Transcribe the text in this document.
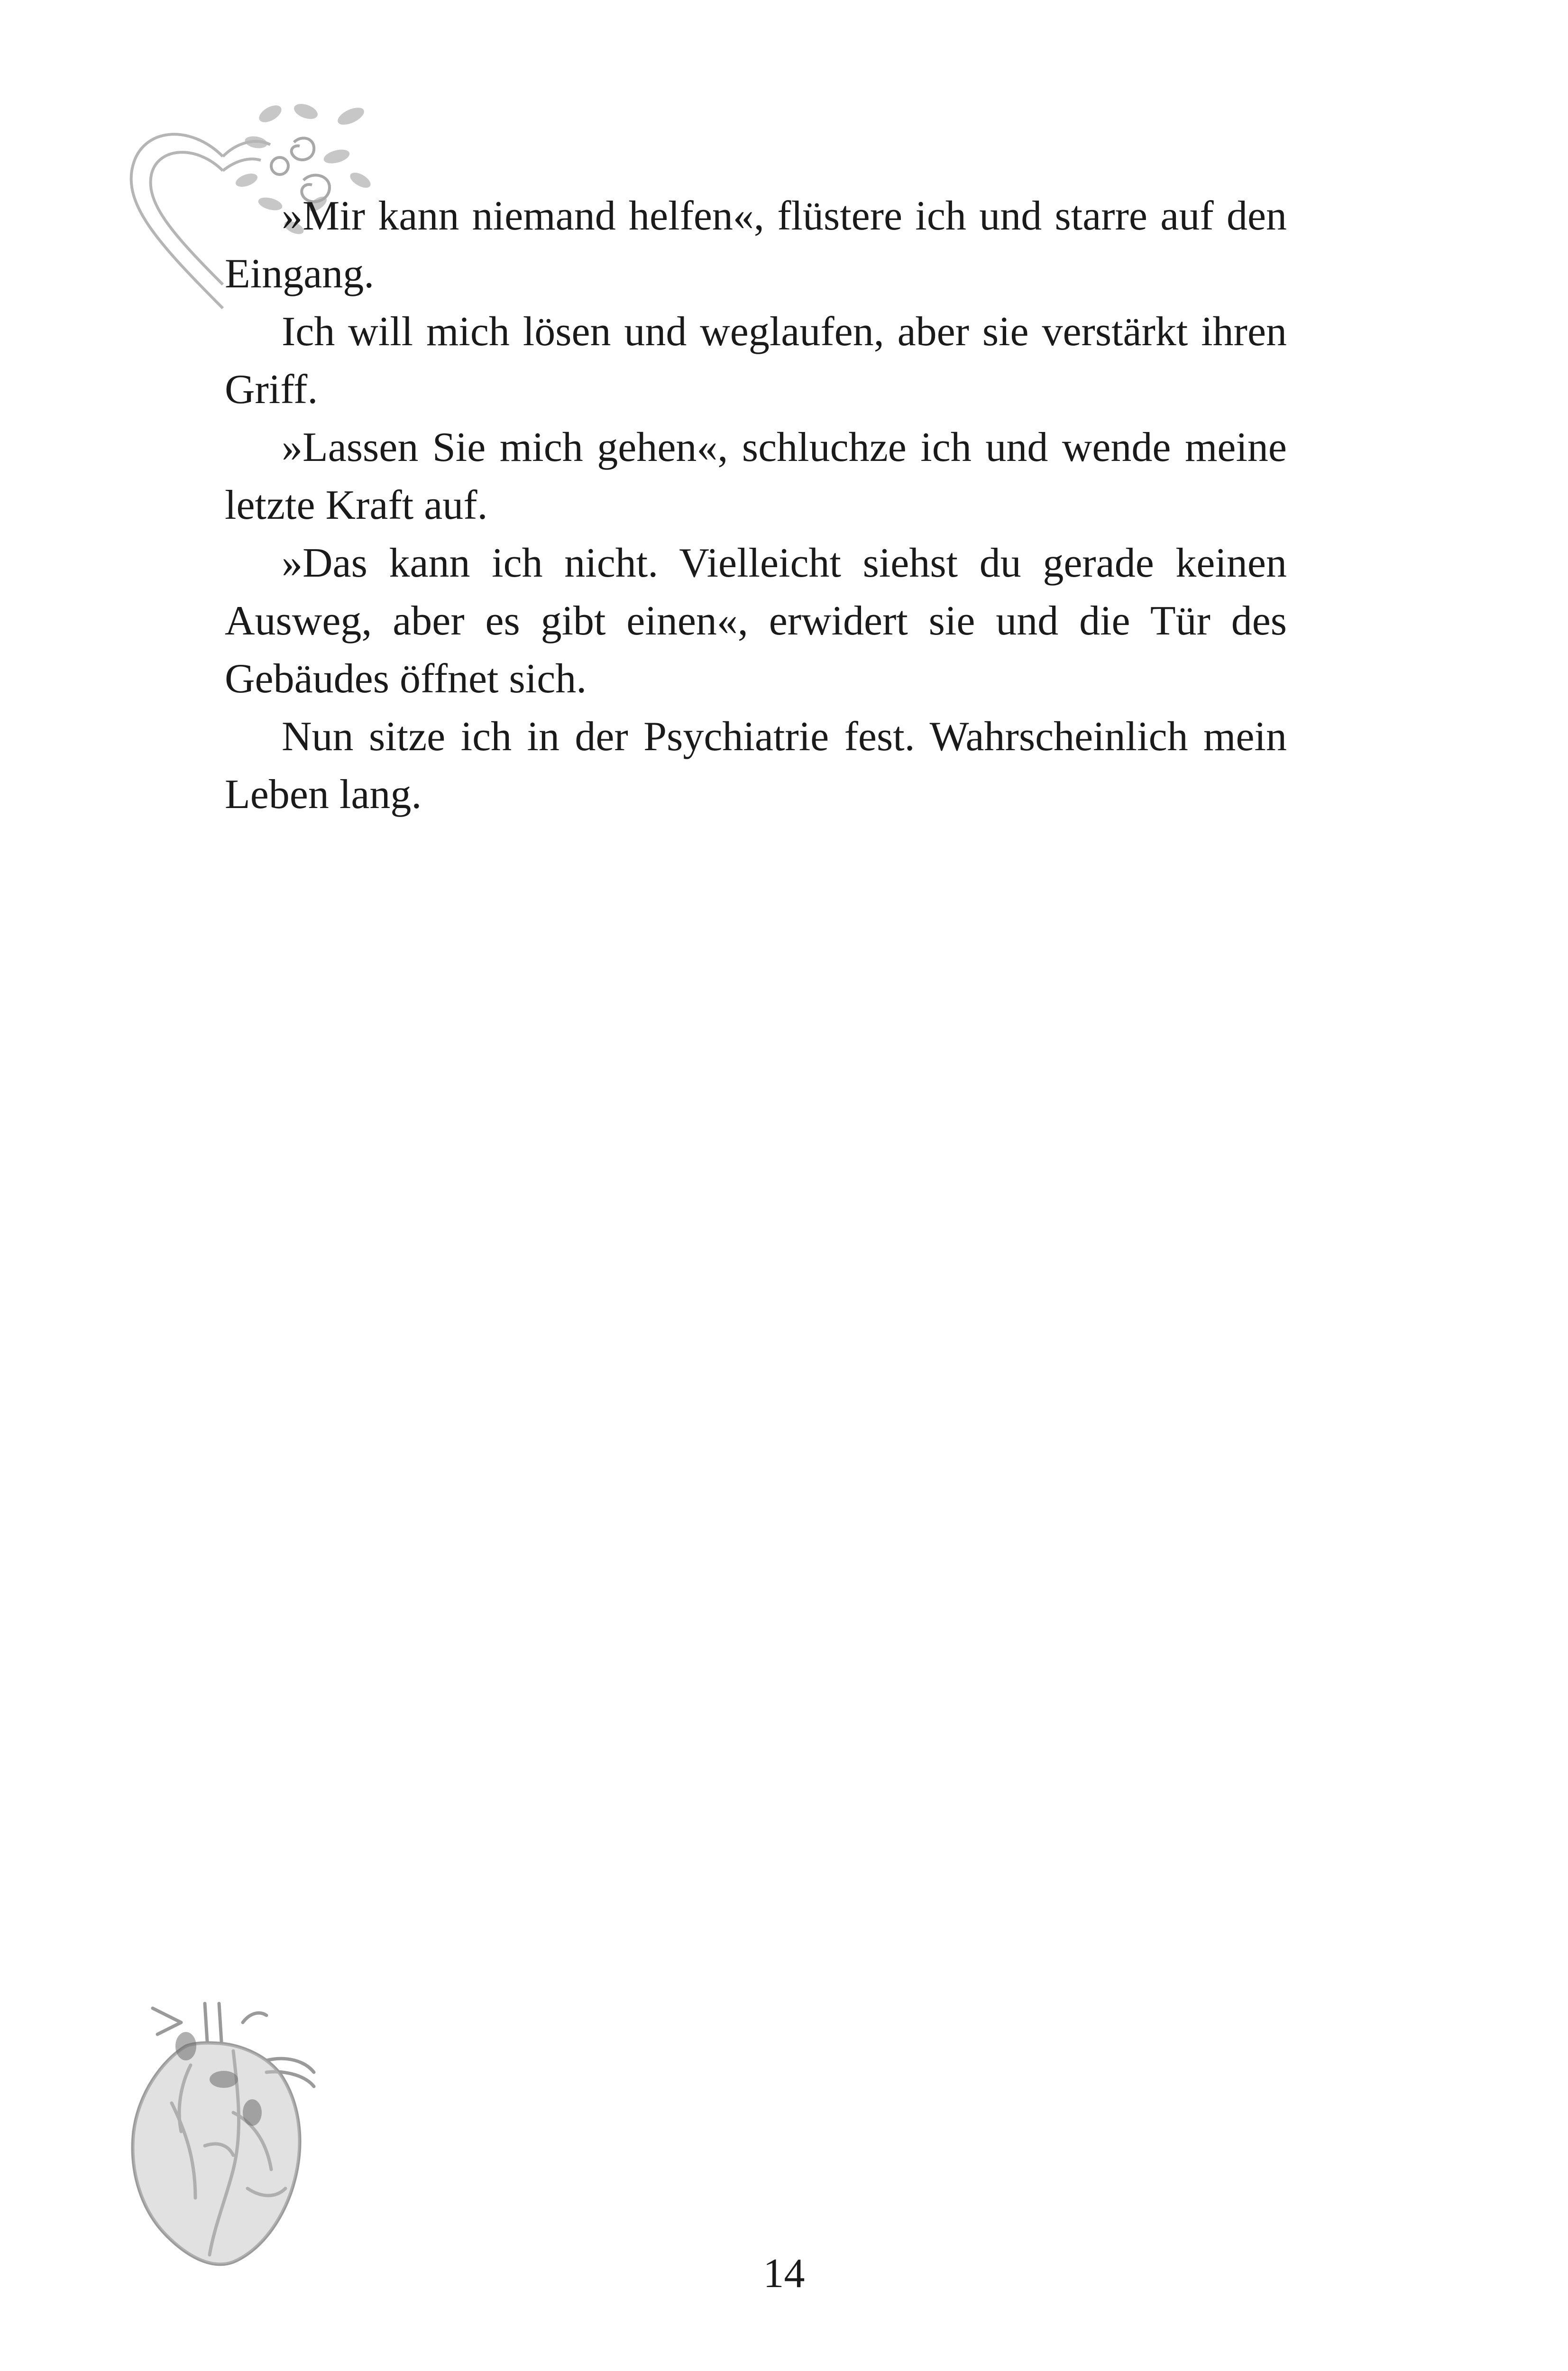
»Mir kann niemand helfen«, flüstere ich und starre auf den Eingang.

Ich will mich lösen und weglaufen, aber sie verstärkt ihren Griff.

»Lassen Sie mich gehen«, schluchze ich und wende meine letzte Kraft auf.

»Das kann ich nicht. Vielleicht siehst du gerade keinen Ausweg, aber es gibt einen«, erwidert sie und die Tür des Gebäudes öffnet sich.

Nun sitze ich in der Psychiatrie fest. Wahrscheinlich mein Leben lang.

14
